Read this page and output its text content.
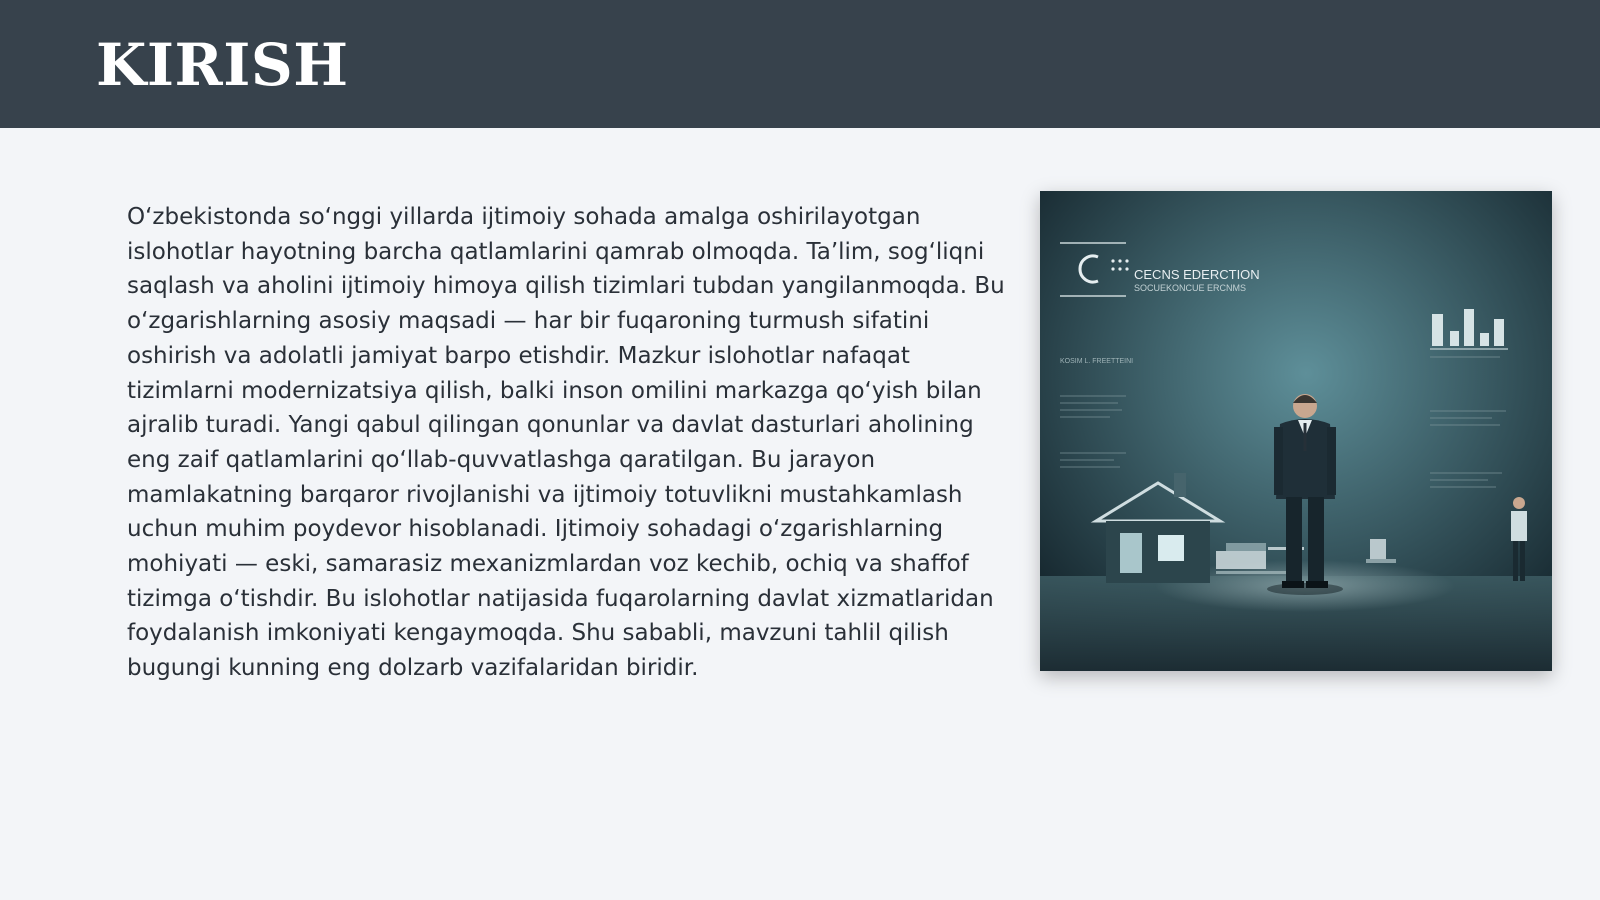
KIRISH

O‘zbekistonda so‘nggi yillarda ijtimoiy sohada amalga oshirilayotgan islohotlar hayotning barcha qatlamlarini qamrab olmoqda. Ta’lim, sog‘liqni saqlash va aholini ijtimoiy himoya qilish tizimlari tubdan yangilanmoqda. Bu o‘zgarishlarning asosiy maqsadi — har bir fuqaroning turmush sifatini oshirish va adolatli jamiyat barpo etishdir. Mazkur islohotlar nafaqat tizimlarni modernizatsiya qilish, balki inson omilini markazga qo‘yish bilan ajralib turadi. Yangi qabul qilingan qonunlar va davlat dasturlari aholining eng zaif qatlamlarini qo‘llab-quvvatlashga qaratilgan. Bu jarayon mamlakatning barqaror rivojlanishi va ijtimoiy totuvlikni mustahkamlash uchun muhim poydevor hisoblanadi. Ijtimoiy sohadagi o‘zgarishlarning mohiyati — eski, samarasiz mexanizmlardan voz kechib, ochiq va shaffof tizimga o‘tishdir. Bu islohotlar natijasida fuqarolarning davlat xizmatlaridan foydalanish imkoniyati kengaymoqda. Shu sababli, mavzuni tahlil qilish bugungi kunning eng dolzarb vazifalaridan biridir.

CECNS EDERCTION
SOCUEKONCUE ERCNMS
KOSIM L. FREETTEINI
